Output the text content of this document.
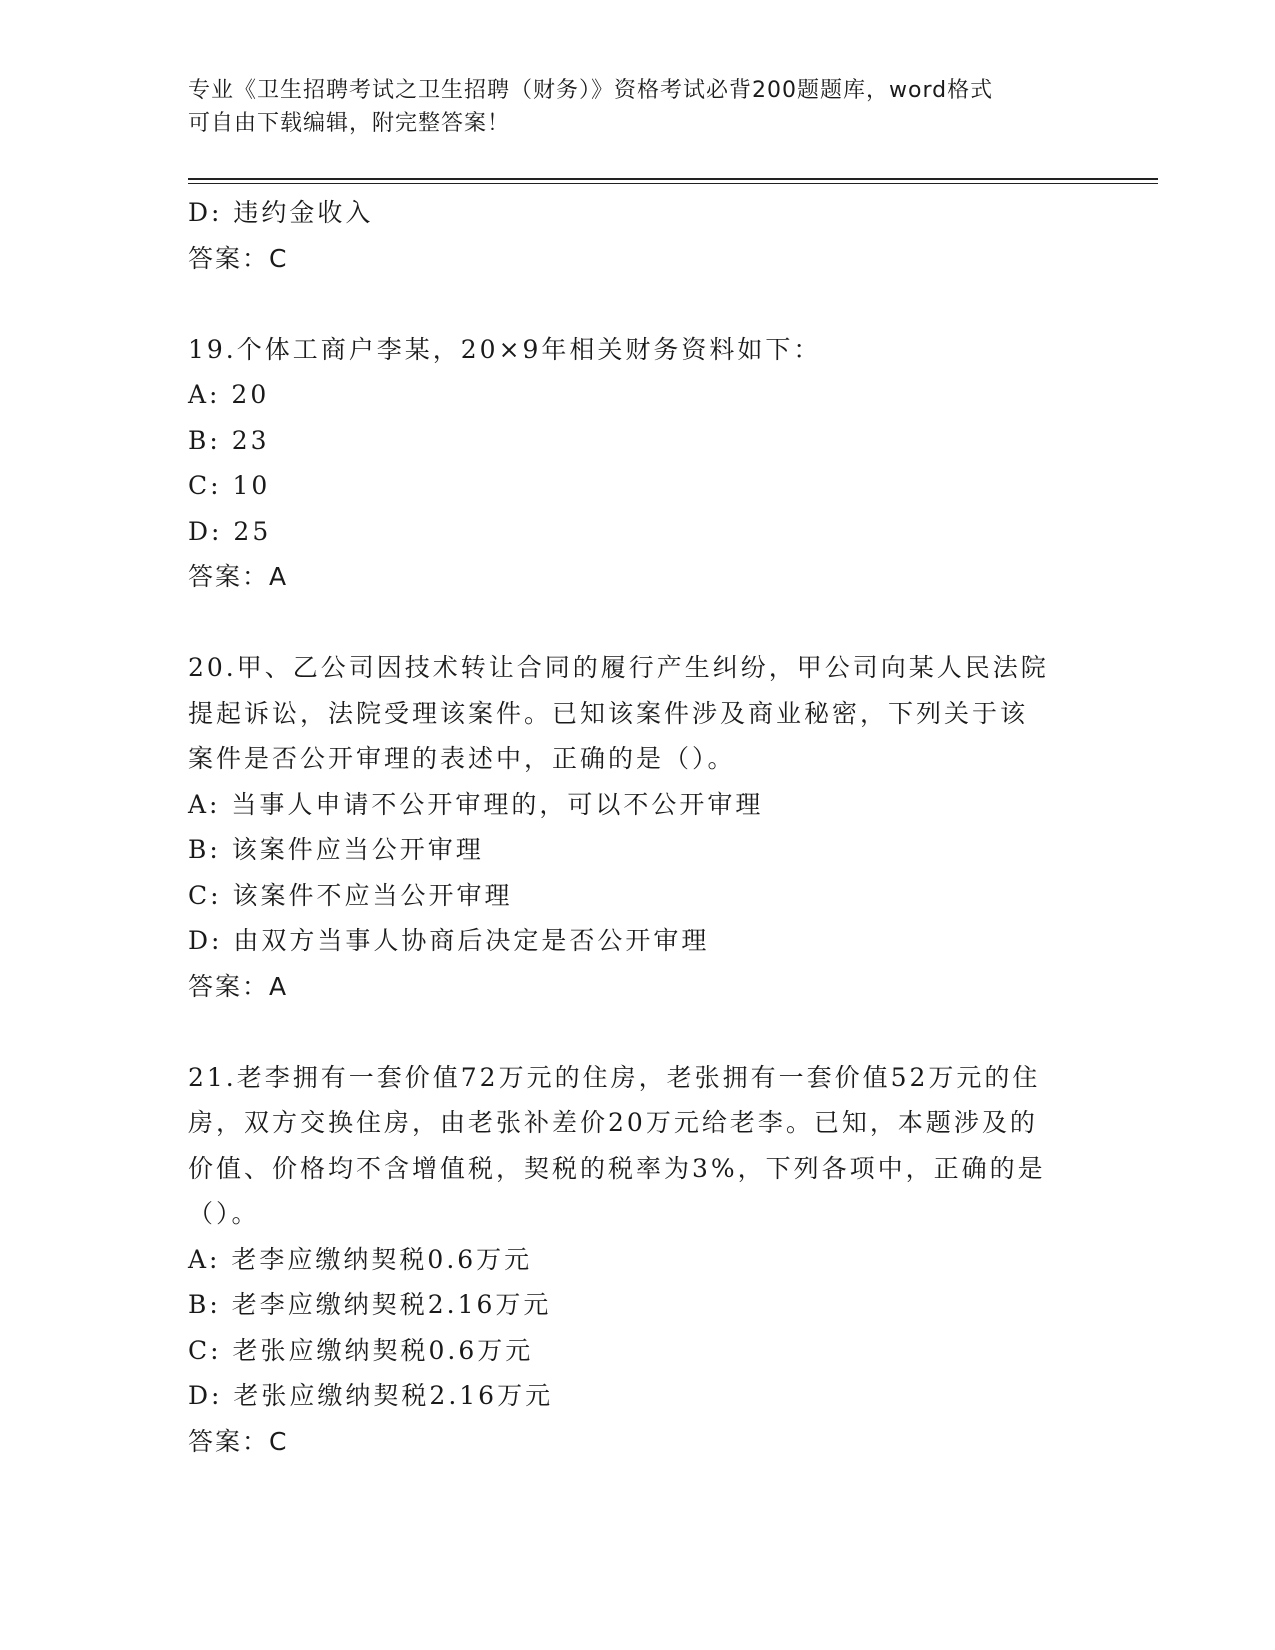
专业《卫生招聘考试之卫生招聘（财务）》资格考试必背200题题库，word格式
可自由下载编辑，附完整答案！
D: 违约金收入
答案：C
19.个体工商户李某，20×9年相关财务资料如下：
A: 20
B: 23
C: 10
D: 25
答案：A
20.甲、乙公司因技术转让合同的履行产生纠纷，甲公司向某人民法院
提起诉讼，法院受理该案件。已知该案件涉及商业秘密，下列关于该
案件是否公开审理的表述中，正确的是（）。
A: 当事人申请不公开审理的，可以不公开审理
B: 该案件应当公开审理
C: 该案件不应当公开审理
D: 由双方当事人协商后决定是否公开审理
答案：A
21.老李拥有一套价值72万元的住房，老张拥有一套价值52万元的住
房，双方交换住房，由老张补差价20万元给老李。已知，本题涉及的
价值、价格均不含增值税，契税的税率为3%，下列各项中，正确的是
（）。
A: 老李应缴纳契税0.6万元
B: 老李应缴纳契税2.16万元
C: 老张应缴纳契税0.6万元
D: 老张应缴纳契税2.16万元
答案：C
